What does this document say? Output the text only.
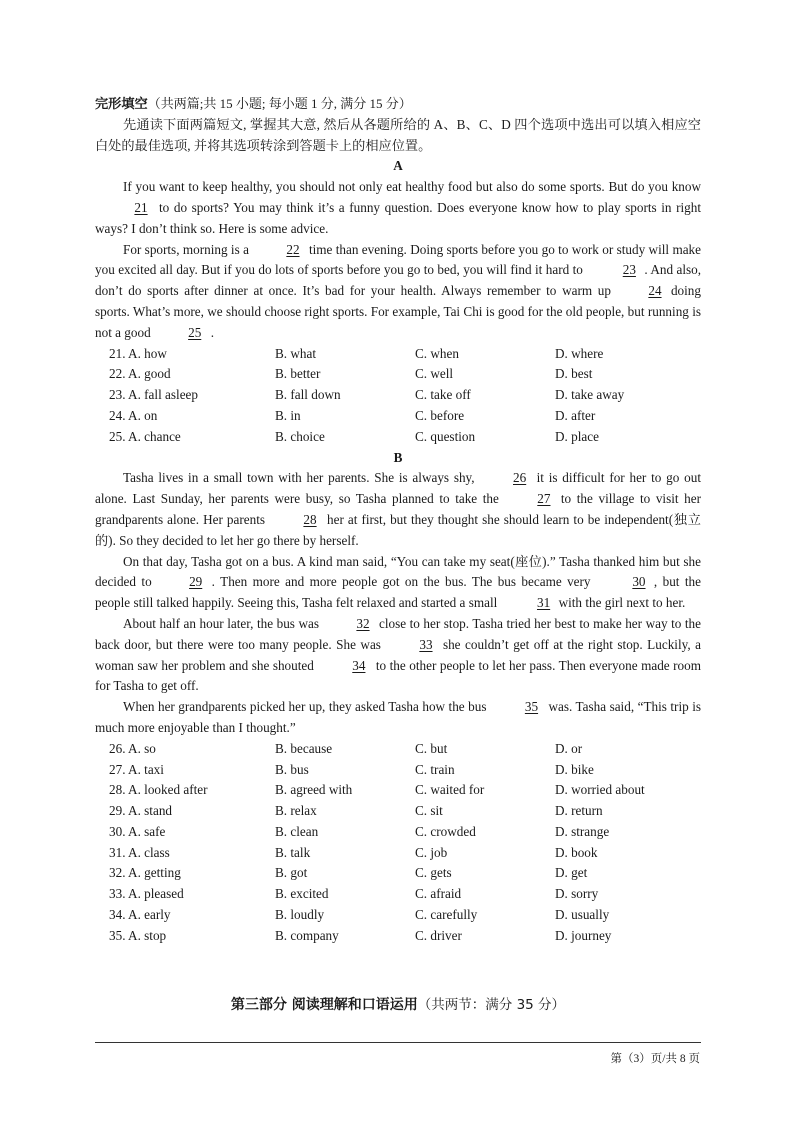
完形填空（共两篇;共 15 小题; 每小题 1 分, 满分 15 分）

先通读下面两篇短文, 掌握其大意, 然后从各题所给的 A、B、C、D 四个选项中选出可以填入相应空白处的最佳选项, 并将其选项转涂到答题卡上的相应位置。

A

If you want to keep healthy, you should not only eat healthy food but also do some sports. But do you know21 to do sports? You may think it’s a funny question. Does everyone know how to play sports in right ways? I don’t think so. Here is some advice.

For sports, morning is a	22 time than evening. Doing sports before you go to work or study will make you excited all day. But if you do lots of sports before you go to bed, you will find it hard to	23 . And also, don’t do sports after dinner at once. It’s bad for your health. Always remember to warm up	24 doing sports. What’s more, we should choose right sports. For example, Tai Chi is good for the old people, but running is not a good	25 .

21. A. how	B. what	C. when	D. where
22. A. good	B. better	C. well	D. best
23. A. fall asleep	B. fall down	C. take off	D. take away
24. A. on	B. in	C. before	D. after
25. A. chance	B. choice	C. question	D. place
B

Tasha lives in a small town with her parents. She is always shy,	26 it is difficult for her to go out alone. Last Sunday, her parents were busy, so Tasha planned to take the	27 to the village to visit her grandparents alone. Her parents	28 her at first, but they thought she should learn to be independent(独立的). So they decided to let her go there by herself.

On that day, Tasha got on a bus. A kind man said, “You can take my seat(座位).” Tasha thanked him but she decided to	29 . Then more and more people got on the bus. The bus became very	30 , but the people still talked happily. Seeing this, Tasha felt relaxed and started a small	31 with the girl next to her.

About half an hour later, the bus was	32 close to her stop. Tasha tried her best to make her way to the back door, but there were too many people. She was	33 she couldn’t get off at the right stop. Luckily, a woman saw her problem and she shouted	34 to the other people to let her pass. Then everyone made room for Tasha to get off.

When her grandparents picked her up, they asked Tasha how the bus	35 was. Tasha said, “This trip is much more enjoyable than I thought.”

26. A. so	B. because	C. but	D. or
27. A. taxi	B. bus	C. train	D. bike
28. A. looked after	B. agreed with	C. waited for	D. worried about
29. A. stand	B. relax	C. sit	D. return
30. A. safe	B. clean	C. crowded	D. strange
31. A. class	B. talk	C. job	D. book
32. A. getting	B. got	C. gets	D. get
33. A. pleased	B. excited	C. afraid	D. sorry
34. A. early	B. loudly	C. carefully	D. usually
35. A. stop	B. company	C. driver	D. journey
第三部分 阅读理解和口语运用（共两节：满分 35 分）
第（3）页/共 8 页
